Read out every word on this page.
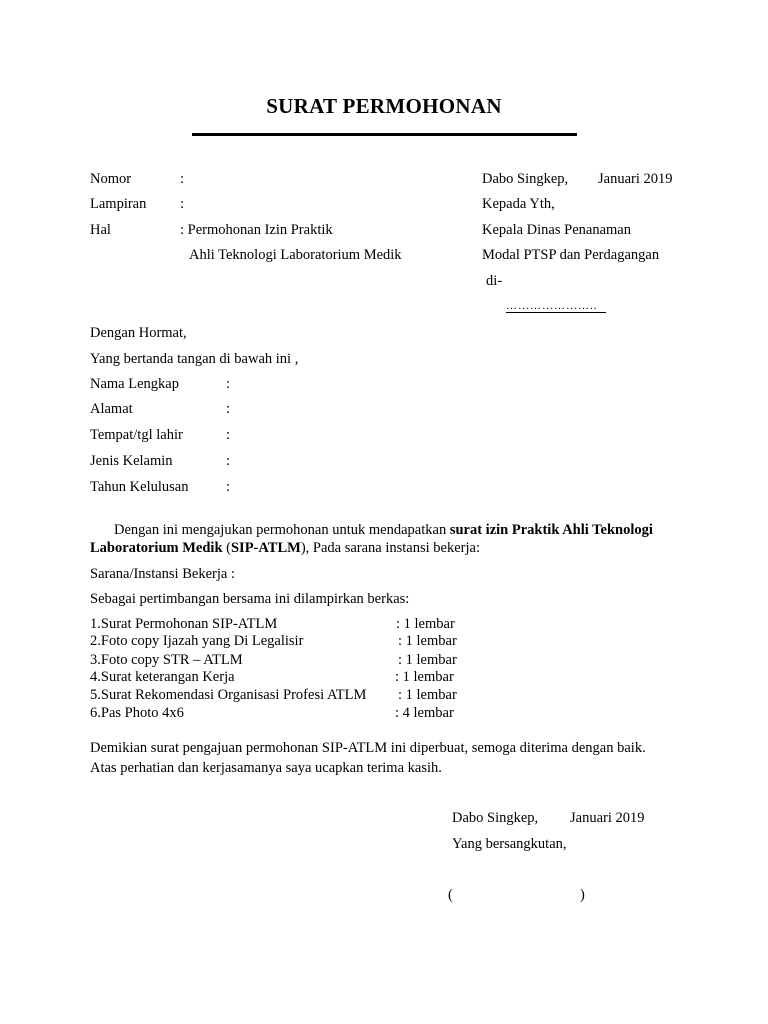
SURAT PERMOHONAN
Nomor	:
Lampiran :
Hal	: Permohonan Izin Praktik
Ahli Teknologi Laboratorium Medik
Dabo Singkep, Januari 2019
Kepada Yth,
Kepala Dinas Penanaman
Modal PTSP dan Perdagangan
di-
…………………..
Dengan Hormat,
Yang bertanda tangan di bawah ini ,
Nama Lengkap	:
Alamat	:
Tempat/tgl lahir	:
Jenis Kelamin	:
Tahun Kelulusan	:
Dengan ini mengajukan permohonan untuk mendapatkan surat izin Praktik Ahli Teknologi Laboratorium Medik (SIP-ATLM), Pada sarana instansi bekerja:
Sarana/Instansi Bekerja :
Sebagai pertimbangan bersama ini dilampirkan berkas:
1.Surat Permohonan SIP-ATLM	: 1 lembar
2.Foto copy Ijazah yang Di Legalisir	: 1 lembar
3.Foto copy STR – ATLM	: 1 lembar
4.Surat keterangan Kerja	: 1 lembar
5.Surat Rekomendasi Organisasi Profesi ATLM : 1 lembar
6.Pas Photo 4x6	: 4 lembar
Demikian surat pengajuan permohonan SIP-ATLM ini diperbuat, semoga diterima dengan baik.
Atas perhatian dan kerjasamanya saya ucapkan terima kasih.
Dabo Singkep, Januari 2019
Yang bersangkutan,
(	)
